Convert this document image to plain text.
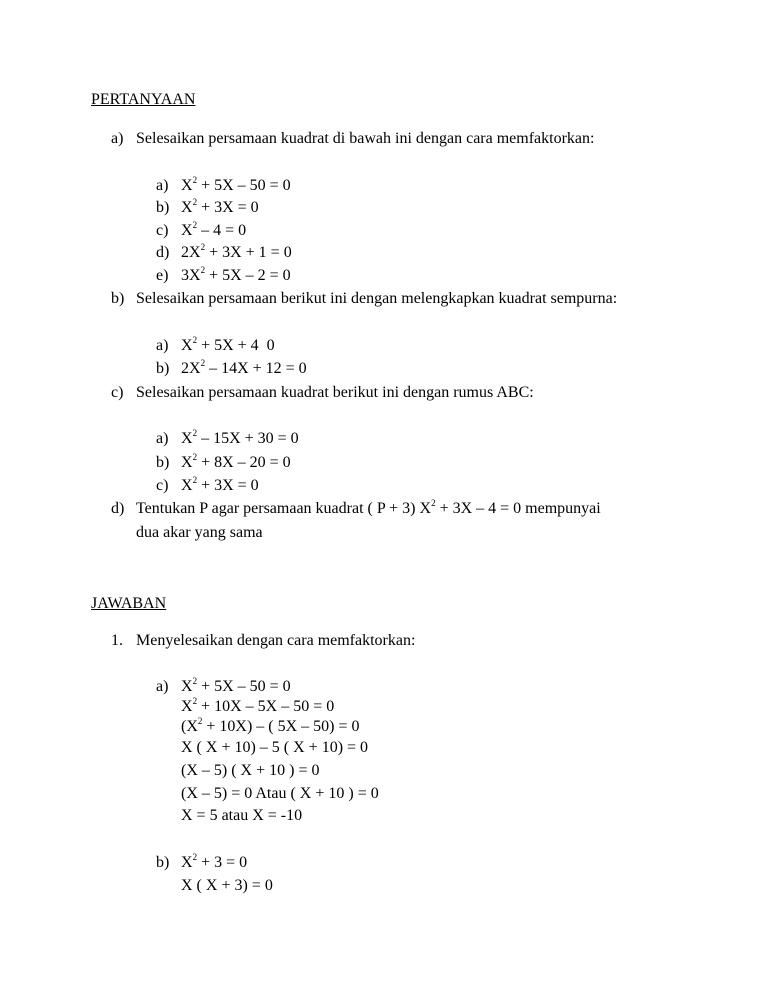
PERTANYAAN
a) Selesaikan persamaan kuadrat di bawah ini dengan cara memfaktorkan:
a) $X^2 + 5X - 50 = 0$
b) $X^2 + 3X = 0$
c) $X^2 - 4 = 0$
d) $2X^2 + 3X + 1 = 0$
e) $3X^2 + 5X - 2 = 0$
b) Selesaikan persamaan berikut ini dengan melengkapkan kuadrat sempurna:
a) $X^2 + 5X + 4$  0
b) $2X^2 - 14X + 12 = 0$
c) Selesaikan persamaan kuadrat berikut ini dengan rumus ABC:
a) $X^2 - 15X + 30 = 0$
b) $X^2 + 8X - 20 = 0$
c) $X^2 + 3X = 0$
d) Tentukan P agar persamaan kuadrat ( P + 3) $X^2 + 3X - 4 = 0$ mempunyai
dua akar yang sama
JAWABAN
1. Menyelesaikan dengan cara memfaktorkan:
a) $X^2 + 5X - 50 = 0$
$X^2 + 10X - 5X - 50 = 0$
$(X^2 + 10X)$ – ( 5X – 50) = 0
X ( X + 10) – 5 ( X + 10) = 0
(X – 5) ( X + 10 ) = 0
(X – 5) = 0 Atau ( X + 10 ) = 0
X = 5 atau X = -10
b) $X^2 + 3 = 0$
X ( X + 3) = 0
